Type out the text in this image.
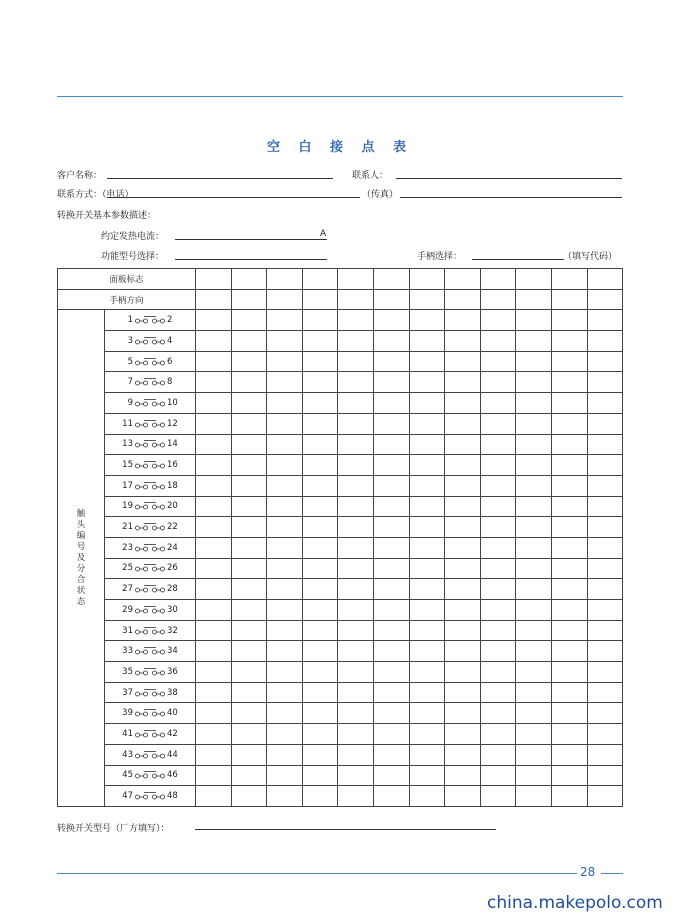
空 白 接 点 表
客户名称：	联系人：
联系方式：（电话）	（传真）
转换开关基本参数描述：
约定发热电流：	A
功能型号选择：	手柄选择：	（填写代码）
面板标志													
手柄方向													
触头编号及分合状态	1 2												

	3 4												

	5 6												

	7 8												

	9 10												

	11 12												

	13 14												

	15 16												

	17 18												

	19 20												

	21 22												

	23 24												

	25 26												

	27 28												

	29 30												

	31 32												

	33 34												

	35 36												

	37 38												

	39 40												

	41 42												

	43 44												

	45 46												

	47 48												

转换开关型号（厂方填写）：
28
china.makepolo.com
